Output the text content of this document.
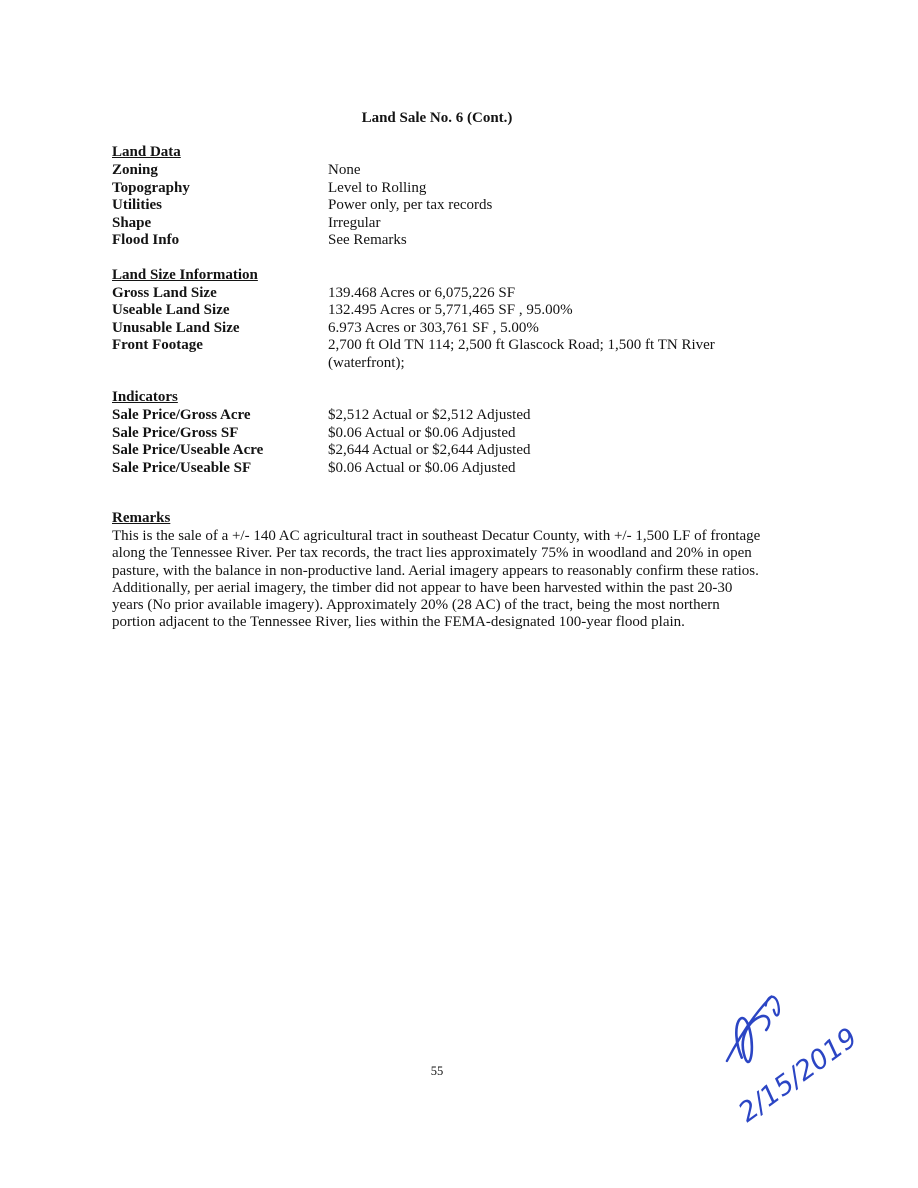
Land Sale No. 6 (Cont.)
Land Data
Zoning	None
Topography	Level to Rolling
Utilities	Power only, per tax records
Shape	Irregular
Flood Info	See Remarks
Land Size Information
Gross Land Size	139.468 Acres or 6,075,226 SF
Useable Land Size	132.495 Acres or 5,771,465 SF , 95.00%
Unusable Land Size	6.973 Acres or 303,761 SF , 5.00%
Front Footage	2,700 ft Old TN 114; 2,500 ft Glascock Road; 1,500 ft TN River (waterfront);
Indicators
Sale Price/Gross Acre	$2,512 Actual or $2,512 Adjusted
Sale Price/Gross SF	$0.06 Actual or $0.06 Adjusted
Sale Price/Useable Acre	$2,644 Actual or $2,644 Adjusted
Sale Price/Useable SF	$0.06 Actual or $0.06 Adjusted
Remarks

This is the sale of a +/- 140 AC agricultural tract in southeast Decatur County, with +/- 1,500 LF of frontage along the Tennessee River. Per tax records, the tract lies approximately 75% in woodland and 20% in open pasture, with the balance in non-productive land. Aerial imagery appears to reasonably confirm these ratios. Additionally, per aerial imagery, the timber did not appear to have been harvested within the past 20-30 years (No prior available imagery). Approximately 20% (28 AC) of the tract, being the most northern portion adjacent to the Tennessee River, lies within the FEMA-designated 100-year flood plain.

55	2/15/2019
